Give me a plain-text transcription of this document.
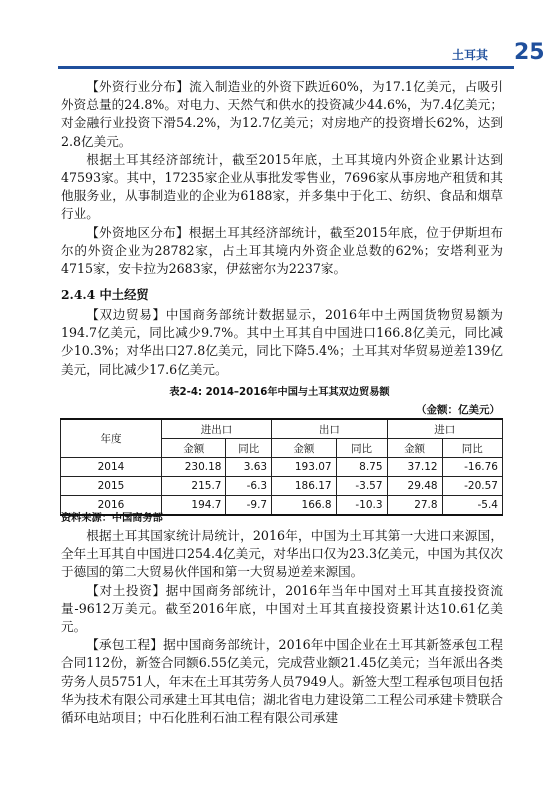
土耳其 25

【外资行业分布】流入制造业的外资下跌近60%，为17.1亿美元，占吸引外资总量的24.8%。对电力、天然气和供水的投资减少44.6%，为7.4亿美元；对金融行业投资下滑54.2%，为12.7亿美元；对房地产的投资增长62%，达到2.8亿美元。

根据土耳其经济部统计，截至2015年底，土耳其境内外资企业累计达到47593家。其中，17235家企业从事批发零售业，7696家从事房地产租赁和其他服务业，从事制造业的企业为6188家，并多集中于化工、纺织、食品和烟草行业。

【外资地区分布】根据土耳其经济部统计，截至2015年底，位于伊斯坦布尔的外资企业为28782家，占土耳其境内外资企业总数的62%；安塔利亚为4715家，安卡拉为2683家，伊兹密尔为2237家。

2.4.4 中土经贸

【双边贸易】中国商务部统计数据显示，2016年中土两国货物贸易额为194.7亿美元，同比减少9.7%。其中土耳其自中国进口166.8亿美元，同比减少10.3%；对华出口27.8亿美元，同比下降5.4%；土耳其对华贸易逆差139亿美元，同比减少17.6亿美元。

表2-4: 2014–2016年中国与土耳其双边贸易额
（金额：亿美元）
年度	进出口		出口		进口	
	金额	同比	金额	同比	金额	同比
2014	230.18	3.63	193.07	8.75	37.12	-16.76
2015	215.7	-6.3	186.17	-3.57	29.48	-20.57
2016	194.7	-9.7	166.8	-10.3	27.8	-5.4
资料来源：中国商务部

根据土耳其国家统计局统计，2016年，中国为土耳其第一大进口来源国，全年土耳其自中国进口254.4亿美元，对华出口仅为23.3亿美元，中国为其仅次于德国的第二大贸易伙伴国和第一大贸易逆差来源国。

【对土投资】据中国商务部统计，2016年当年中国对土耳其直接投资流量-9612万美元。截至2016年底，中国对土耳其直接投资累计达10.61亿美元。

【承包工程】据中国商务部统计，2016年中国企业在土耳其新签承包工程合同112份，新签合同额6.55亿美元，完成营业额21.45亿美元；当年派出各类劳务人员5751人，年末在土耳其劳务人员7949人。新签大型工程承包项目包括华为技术有限公司承建土耳其电信；湖北省电力建设第二工程公司承建卡赞联合循环电站项目；中石化胜利石油工程有限公司承建
